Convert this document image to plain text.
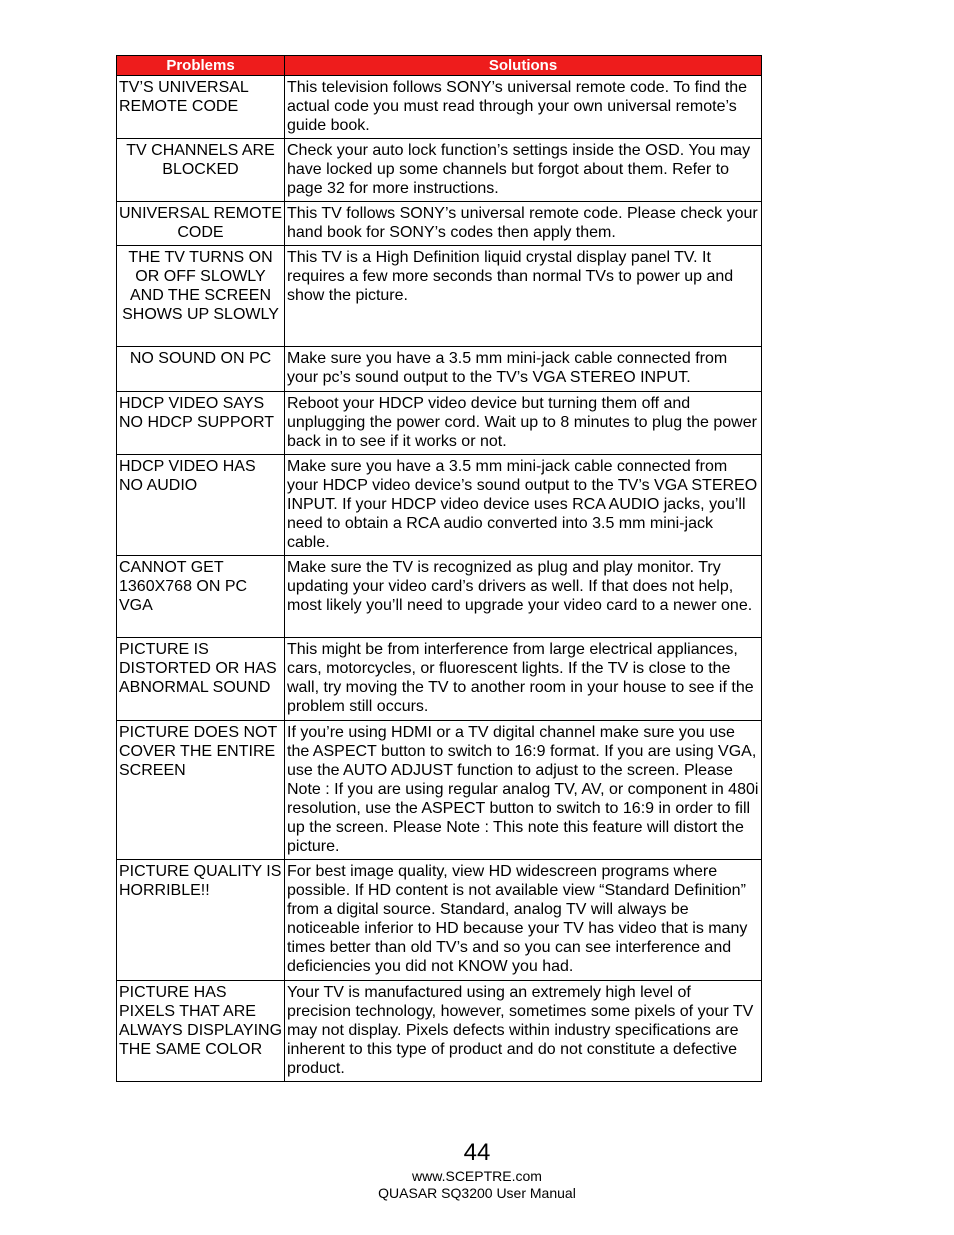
Problems	Solutions
TV’S UNIVERSAL REMOTE CODE	This television follows SONY’s universal remote code. To find the actual code you must read through your own universal remote’s guide book.
TV CHANNELS ARE BLOCKED	Check your auto lock function’s settings inside the OSD. You may have locked up some channels but forgot about them. Refer to page 32 for more instructions.
UNIVERSAL REMOTE CODE	This TV follows SONY’s universal remote code. Please check your hand book for SONY’s codes then apply them.
THE TV TURNS ON OR OFF SLOWLY AND THE SCREEN SHOWS UP SLOWLY	This TV is a High Definition liquid crystal display panel TV. It requires a few more seconds than normal TVs to power up and show the picture.
NO SOUND ON PC	Make sure you have a 3.5 mm mini-jack cable connected from your pc’s sound output to the TV’s VGA STEREO INPUT.
HDCP VIDEO SAYS NO HDCP SUPPORT	Reboot your HDCP video device but turning them off and unplugging the power cord. Wait up to 8 minutes to plug the power back in to see if it works or not.
HDCP VIDEO HAS NO AUDIO	Make sure you have a 3.5 mm mini-jack cable connected from your HDCP video device’s sound output to the TV’s VGA STEREO INPUT. If your HDCP video device uses RCA AUDIO jacks, you’ll need to obtain a RCA audio converted into 3.5 mm mini-jack cable.
CANNOT GET 1360X768 ON PC VGA	Make sure the TV is recognized as plug and play monitor. Try updating your video card’s drivers as well. If that does not help, most likely you’ll need to upgrade your video card to a newer one.
PICTURE IS DISTORTED OR HAS ABNORMAL SOUND	This might be from interference from large electrical appliances, cars, motorcycles, or fluorescent lights. If the TV is close to the wall, try moving the TV to another room in your house to see if the problem still occurs.
PICTURE DOES NOT COVER THE ENTIRE SCREEN	If you’re using HDMI or a TV digital channel make sure you use the ASPECT button to switch to 16:9 format. If you are using VGA, use the AUTO ADJUST function to adjust to the screen. Please Note : If you are using regular analog TV, AV, or component in 480i resolution, use the ASPECT button to switch to 16:9 in order to fill up the screen. Please Note : This note this feature will distort the picture.
PICTURE QUALITY IS HORRIBLE!!	For best image quality, view HD widescreen programs where possible. If HD content is not available view “Standard Definition” from a digital source. Standard, analog TV will always be noticeable inferior to HD because your TV has video that is many times better than old TV’s and so you can see interference and deficiencies you did not KNOW you had.
PICTURE HAS PIXELS THAT ARE ALWAYS DISPLAYING THE SAME COLOR	Your TV is manufactured using an extremely high level of precision technology, however, sometimes some pixels of your TV may not display. Pixels defects within industry specifications are inherent to this type of product and do not constitute a defective product.
44
www.SCEPTRE.com
QUASAR SQ3200 User Manual
